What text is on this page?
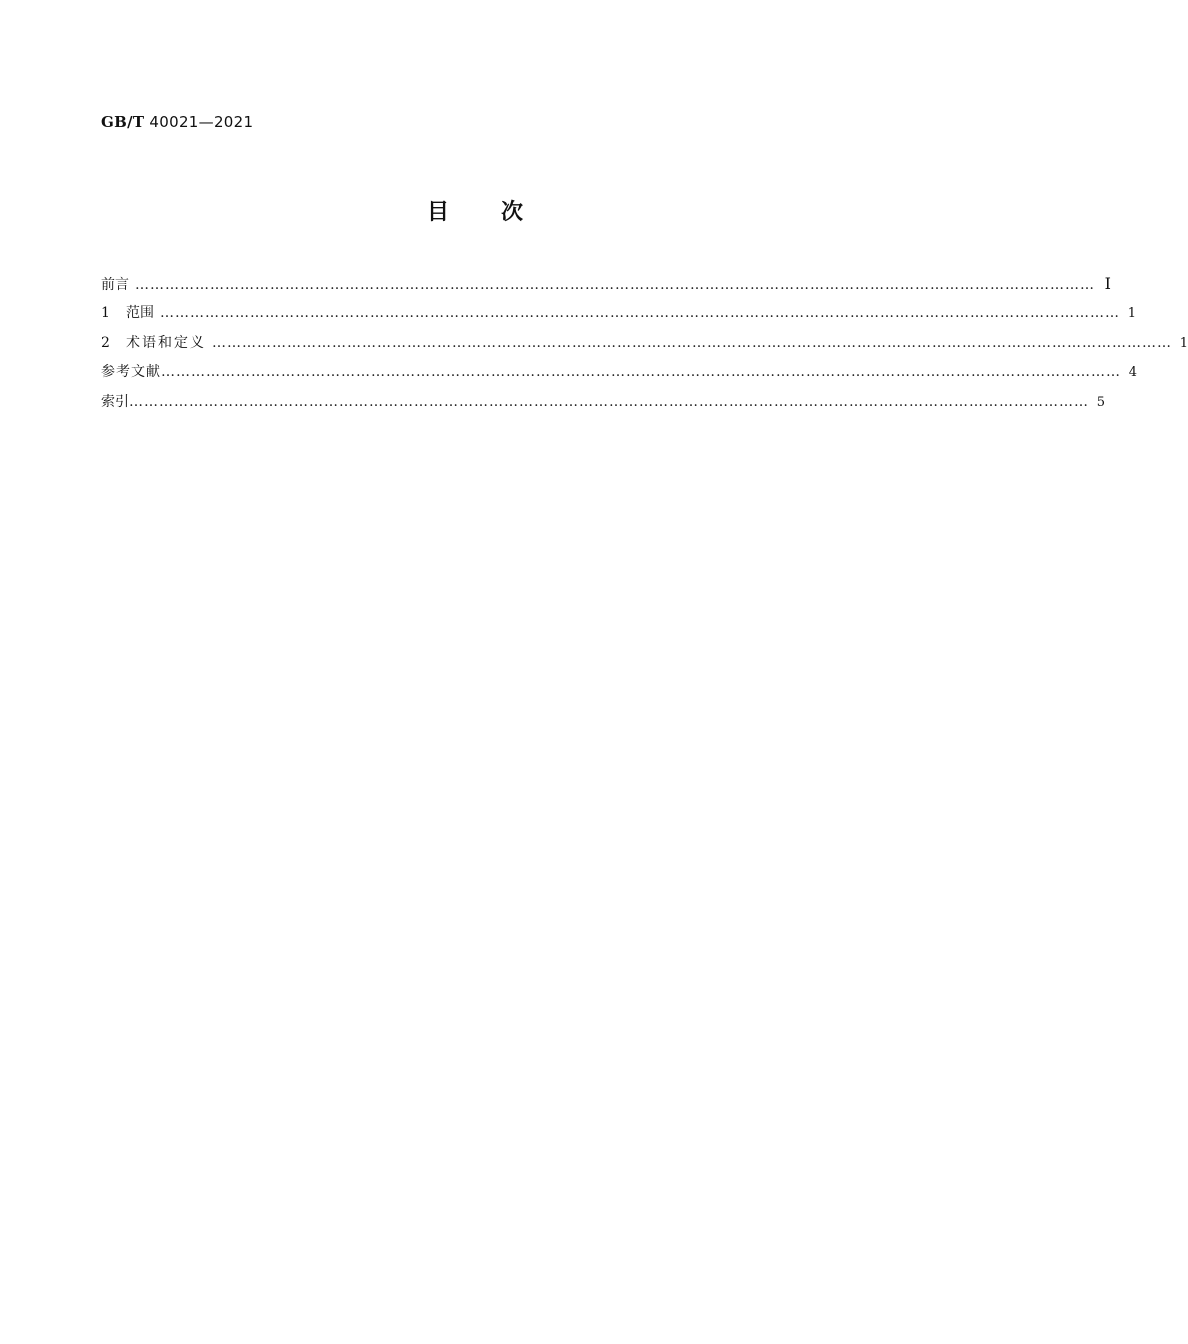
GB/T 40021—2021
目次
前言 ………………………………………………………………………………………………………………………………………………………………………… Ⅰ
1 范围 ………………………………………………………………………………………………………………………………………………………………………… 1
2 术语和定义 ………………………………………………………………………………………………………………………………………………………………………… 1
参考文献 ………………………………………………………………………………………………………………………………………………………………………… 4
索引 ………………………………………………………………………………………………………………………………………………………………………… 5
